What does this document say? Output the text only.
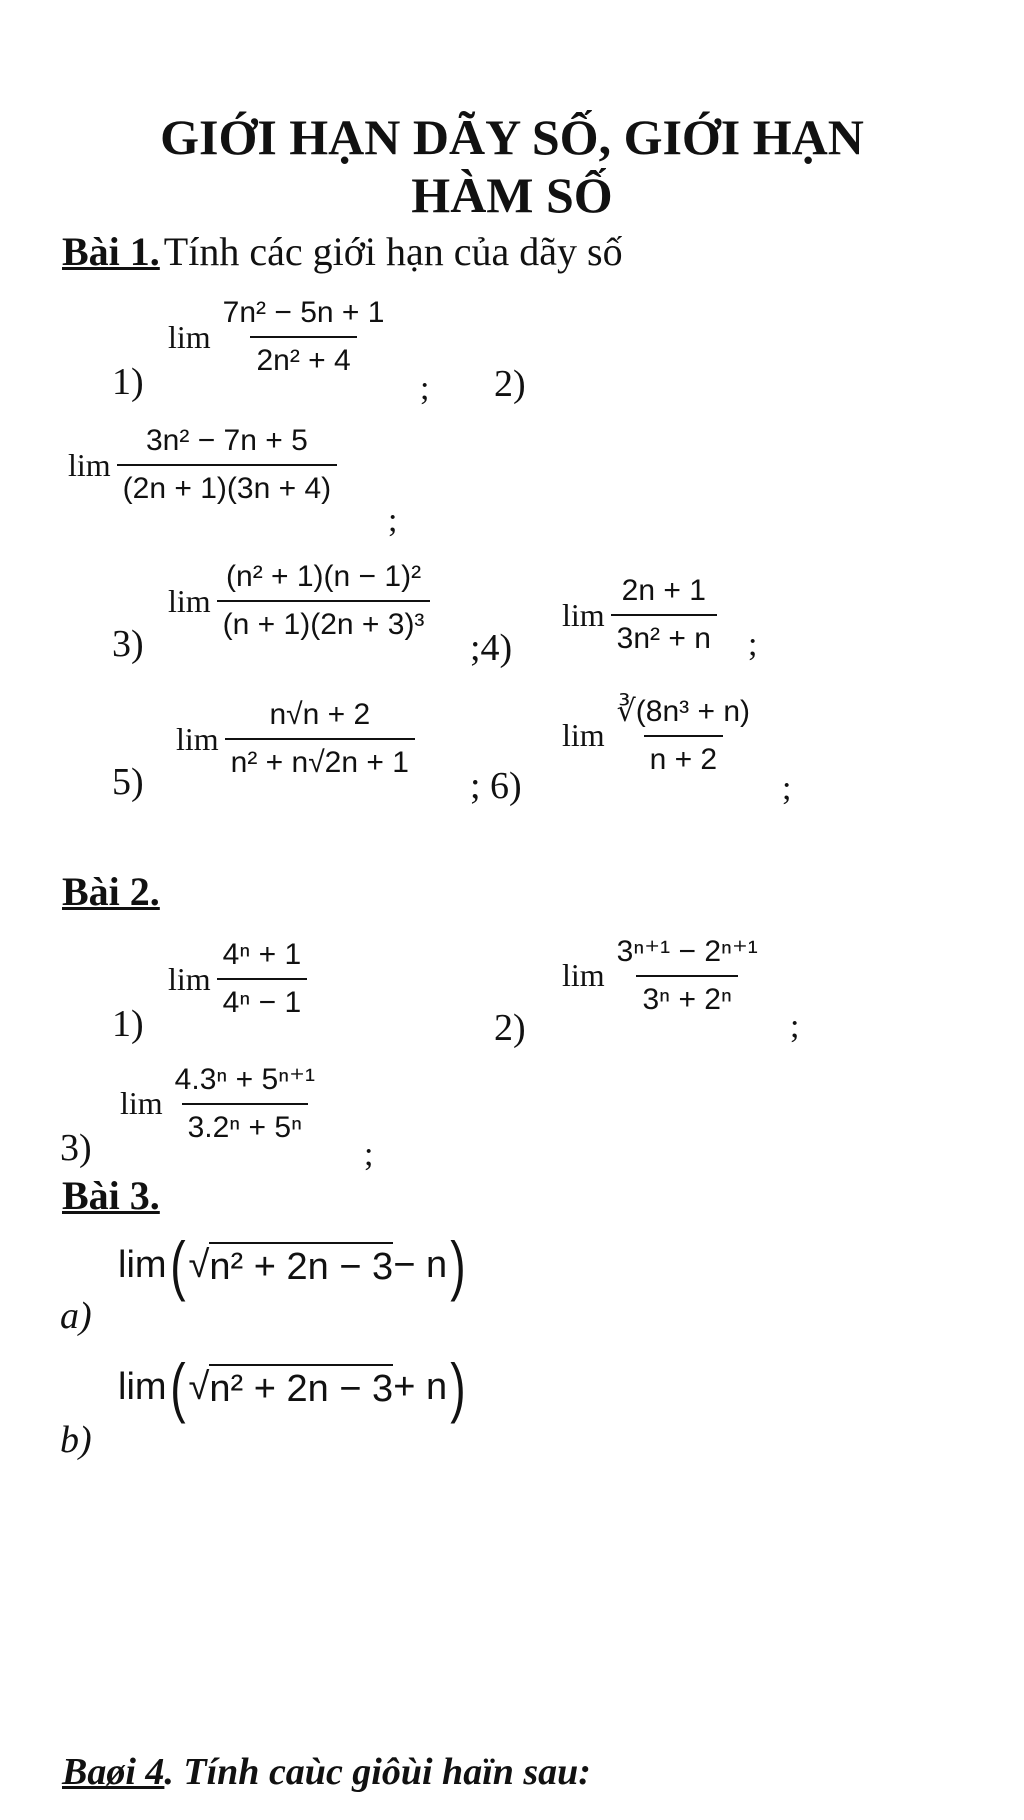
GIỚI HẠN DÃY SỐ, GIỚI HẠN
HÀM SỐ
Bài 1. Tính các giới hạn của dãy số
1)
$\lim \frac{\text{7n² − 5n + 1}}{\text{2n² + 4}}$
; 2)
$\lim \frac{\text{3n² − 7n + 5}}{(2n + 1)(3n + 4)}$
;
3)
$\lim \frac{\text{(n² + 1)(n − 1)²}}{\text{(n + 1)(2n + 3)³}}$
;4)
$\lim \frac{2n + 1}{\text{3n² + n}}$ ;
5)
$\lim \frac{n√n + 2}{\text{n² + n√2n + 1}}$
; 6)
$\lim \frac{\text{∛(8n³ + n)}}{n + 2}$
;
Bài 2.
1)
$\lim \frac{\text{4ⁿ + 1}}{\text{4ⁿ − 1}}$
2)
$\lim \frac{\text{3ⁿ⁺¹ − 2ⁿ⁺¹}}{\text{3ⁿ + 2ⁿ}}$
;
3)
$\lim \frac{\text{4.3ⁿ + 5ⁿ⁺¹}}{\text{3.2ⁿ + 5ⁿ}}$
;
Bài 3.
a)
lim ( √ n² + 2n − 3 − n )
b)
lim ( √ n² + 2n − 3 + n )
Baøi 4. Tính caùc giôùi haïn sau:
